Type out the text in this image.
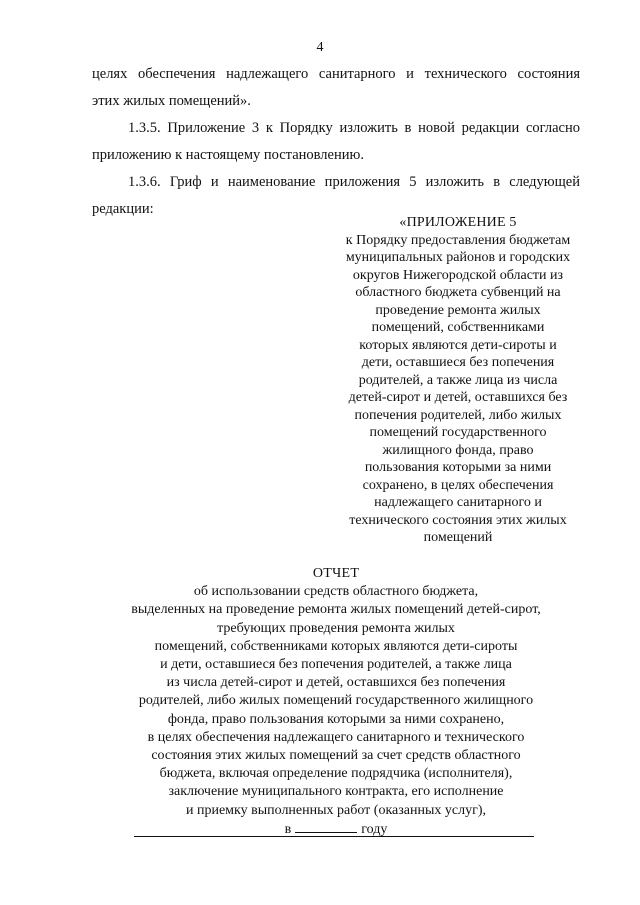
4
целях обеспечения надлежащего санитарного и технического состояния
этих жилых помещений».
1.3.5. Приложение 3 к Порядку изложить в новой редакции согласно
приложению к настоящему постановлению.
1.3.6. Гриф и наименование приложения 5 изложить в следующей
редакции:
«ПРИЛОЖЕНИЕ 5
к Порядку предоставления бюджетам
муниципальных районов и городских
округов Нижегородской области из
областного бюджета субвенций на
проведение ремонта жилых
помещений, собственниками
которых являются дети-сироты и
дети, оставшиеся без попечения
родителей, а также лица из числа
детей-сирот и детей, оставшихся без
попечения родителей, либо жилых
помещений государственного
жилищного фонда, право
пользования которыми за ними
сохранено, в целях обеспечения
надлежащего санитарного и
технического состояния этих жилых
помещений
ОТЧЕТ
об использовании средств областного бюджета,
выделенных на проведение ремонта жилых помещений детей-сирот,
требующих проведения ремонта жилых
помещений, собственниками которых являются дети-сироты
и дети, оставшиеся без попечения родителей, а также лица
из числа детей-сирот и детей, оставшихся без попечения
родителей, либо жилых помещений государственного жилищного
фонда, право пользования которыми за ними сохранено,
в целях обеспечения надлежащего санитарного и технического
состояния этих жилых помещений за счет средств областного
бюджета, включая определение подрядчика (исполнителя),
заключение муниципального контракта, его исполнение
и приемку выполненных работ (оказанных услуг),
в	году
